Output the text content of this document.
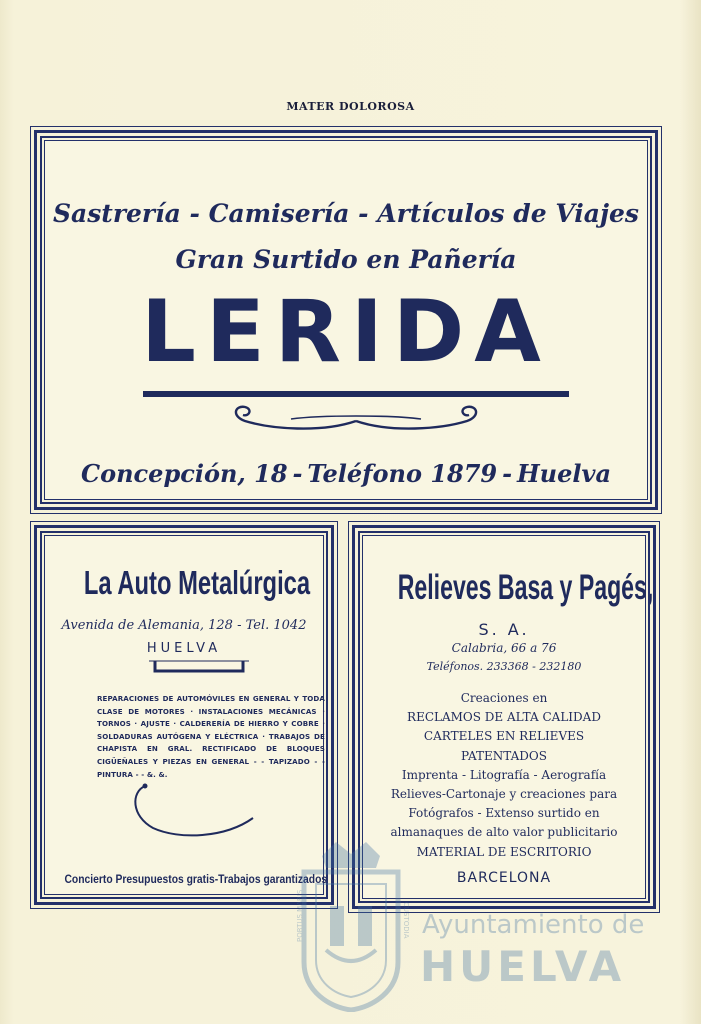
MATER DOLOROSA
Sastrería - Camisería - Artículos de Viajes
Gran Surtido en Pañería
LERIDA
Concepción, 18 - Teléfono 1879 - Huelva
La Auto Metalúrgica
Avenida de Alemania, 128 - Tel. 1042
HUELVA
REPARACIONES DE AUTOMÓVILES EN GENERAL Y TODA CLASE DE MOTORES · INSTALACIONES MECÁNICAS · TORNOS · AJUSTE · CALDERERÍA DE HIERRO Y COBRE · SOLDADURAS AUTÓGENA Y ELÉCTRICA · TRABAJOS DE CHAPISTA EN GRAL. RECTIFICADO DE BLOQUES CIGÜEÑALES Y PIEZAS EN GENERAL - - TAPIZADO - - PINTURA - - &. &.
Concierto Presupuestos gratis-Trabajos garantizados
Relieves Basa y Pagés,
S. A.
Calabria, 66 a 76
Teléfonos. 233368 - 232180
Creaciones en
RECLAMOS DE ALTA CALIDAD
CARTELES EN RELIEVES
PATENTADOS
Imprenta - Litografía - Aerografía
Relieves-Cartonaje y creaciones para
Fotógrafos - Extenso surtido en
almanaques de alto valor publicitario
MATERIAL DE ESCRITORIO
BARCELONA
PORTUS MARIS	CUSTODIA Ayuntamiento de
HUELVA
